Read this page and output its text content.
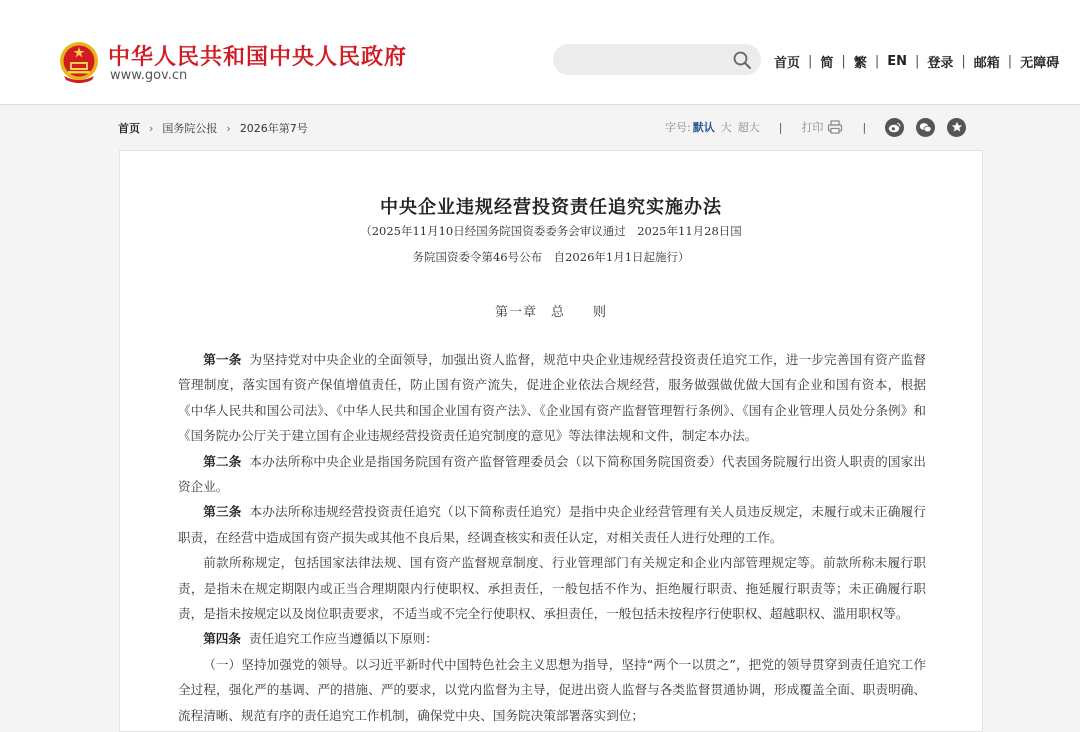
中华人民共和国中央人民政府
www.gov.cn
首页 | 简 | 繁 | EN | 登录 | 邮箱 | 无障碍
首页 › 国务院公报 › 2026年第7号	字号: 默认 大 超大 | 打印	|
中央企业违规经营投资责任追究实施办法
（2025年11月10日经国务院国资委委务会审议通过　2025年11月28日国
务院国资委令第46号公布　自2026年1月1日起施行）
第一章　总　　则

第一条 为坚持党对中央企业的全面领导，加强出资人监督，规范中央企业违规经营投资责任追究工作，进一步完善国有资产监督管理制度，落实国有资产保值增值责任，防止国有资产流失，促进企业依法合规经营，服务做强做优做大国有企业和国有资本，根据《中华人民共和国公司法》、《中华人民共和国企业国有资产法》、《企业国有资产监督管理暂行条例》、《国有企业管理人员处分条例》和《国务院办公厅关于建立国有企业违规经营投资责任追究制度的意见》等法律法规和文件，制定本办法。

第二条 本办法所称中央企业是指国务院国有资产监督管理委员会（以下简称国务院国资委）代表国务院履行出资人职责的国家出资企业。

第三条 本办法所称违规经营投资责任追究（以下简称责任追究）是指中央企业经营管理有关人员违反规定，未履行或未正确履行职责，在经营中造成国有资产损失或其他不良后果，经调查核实和责任认定，对相关责任人进行处理的工作。

前款所称规定，包括国家法律法规、国有资产监督规章制度、行业管理部门有关规定和企业内部管理规定等。前款所称未履行职责，是指未在规定期限内或正当合理期限内行使职权、承担责任，一般包括不作为、拒绝履行职责、拖延履行职责等；未正确履行职责，是指未按规定以及岗位职责要求，不适当或不完全行使职权、承担责任，一般包括未按程序行使职权、超越职权、滥用职权等。

第四条 责任追究工作应当遵循以下原则：

（一）坚持加强党的领导。以习近平新时代中国特色社会主义思想为指导，坚持“两个一以贯之”，把党的领导贯穿到责任追究工作全过程，强化严的基调、严的措施、严的要求，以党内监督为主导，促进出资人监督与各类监督贯通协调，形成覆盖全面、职责明确、流程清晰、规范有序的责任追究工作机制，确保党中央、国务院决策部署落实到位；
